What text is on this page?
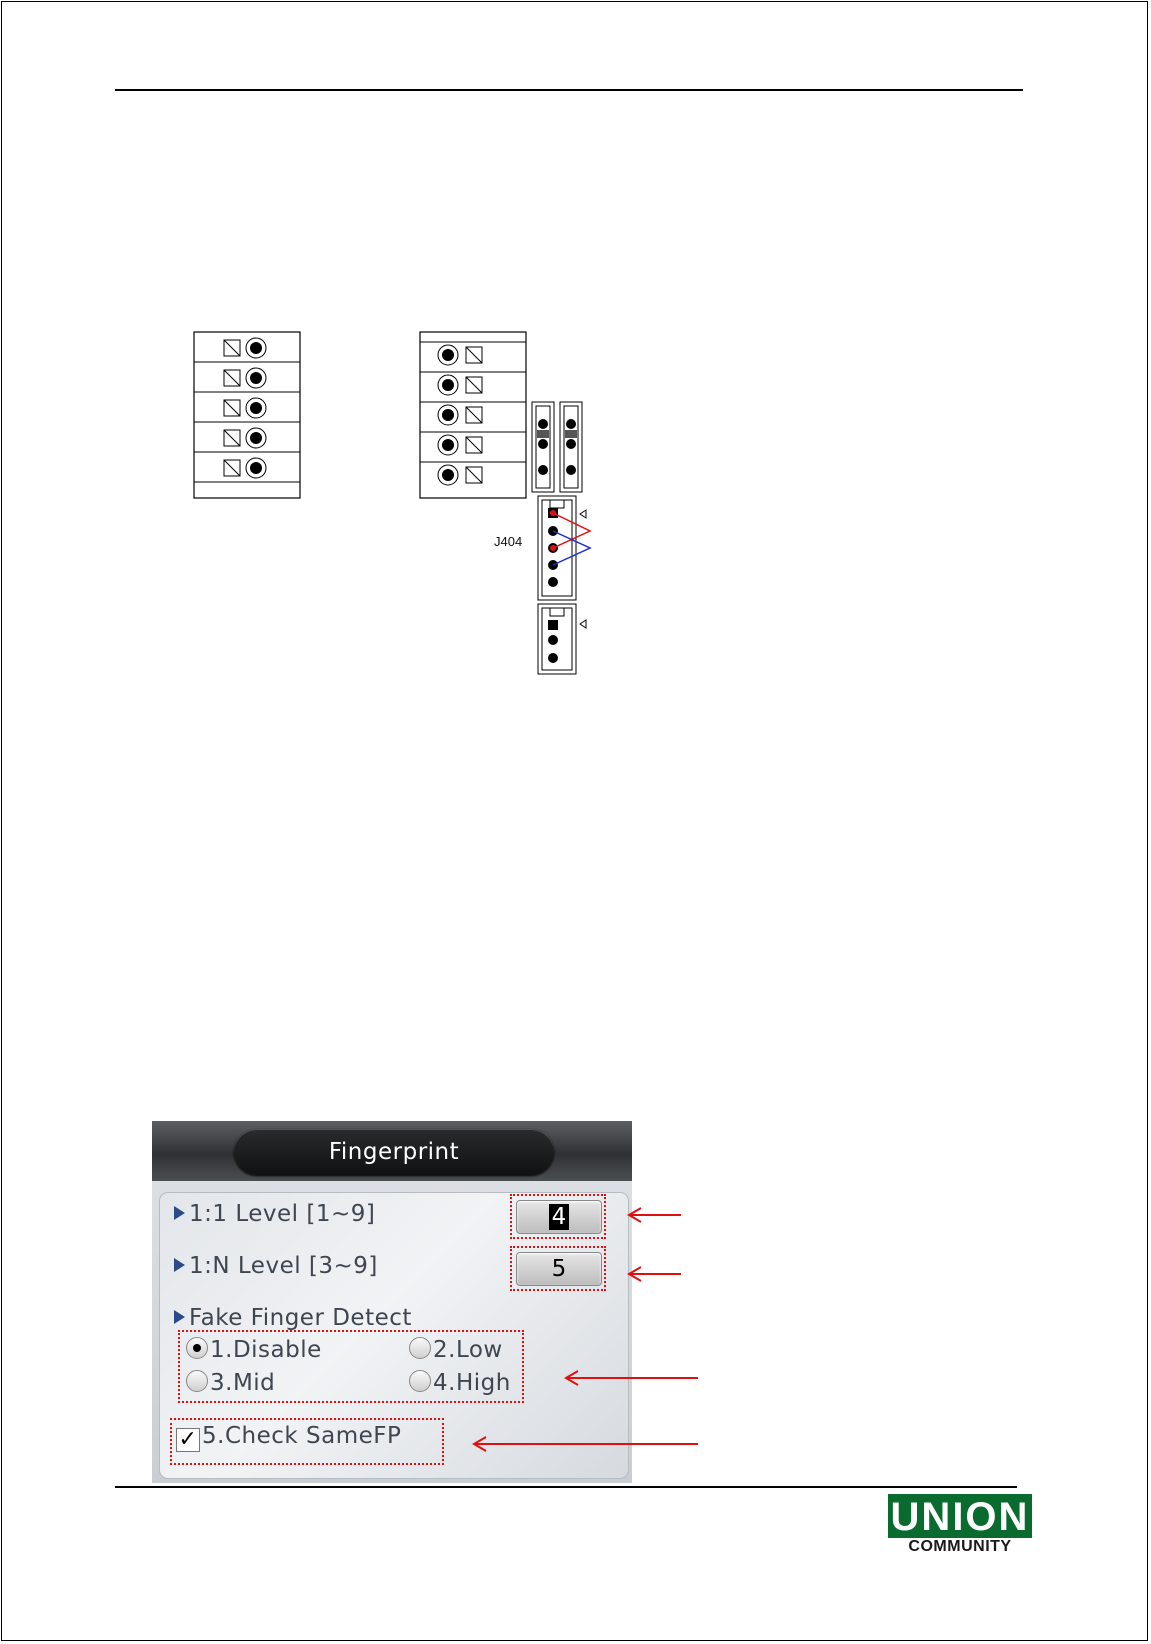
J404
Fingerprint
1:1 Level [1~9]	4
1:N Level [3~9]	5
Fake Finger Detect
1.Disable	2.Low
3.Mid	4.High
✓ 5.Check SameFP
UNION
COMMUNITY
